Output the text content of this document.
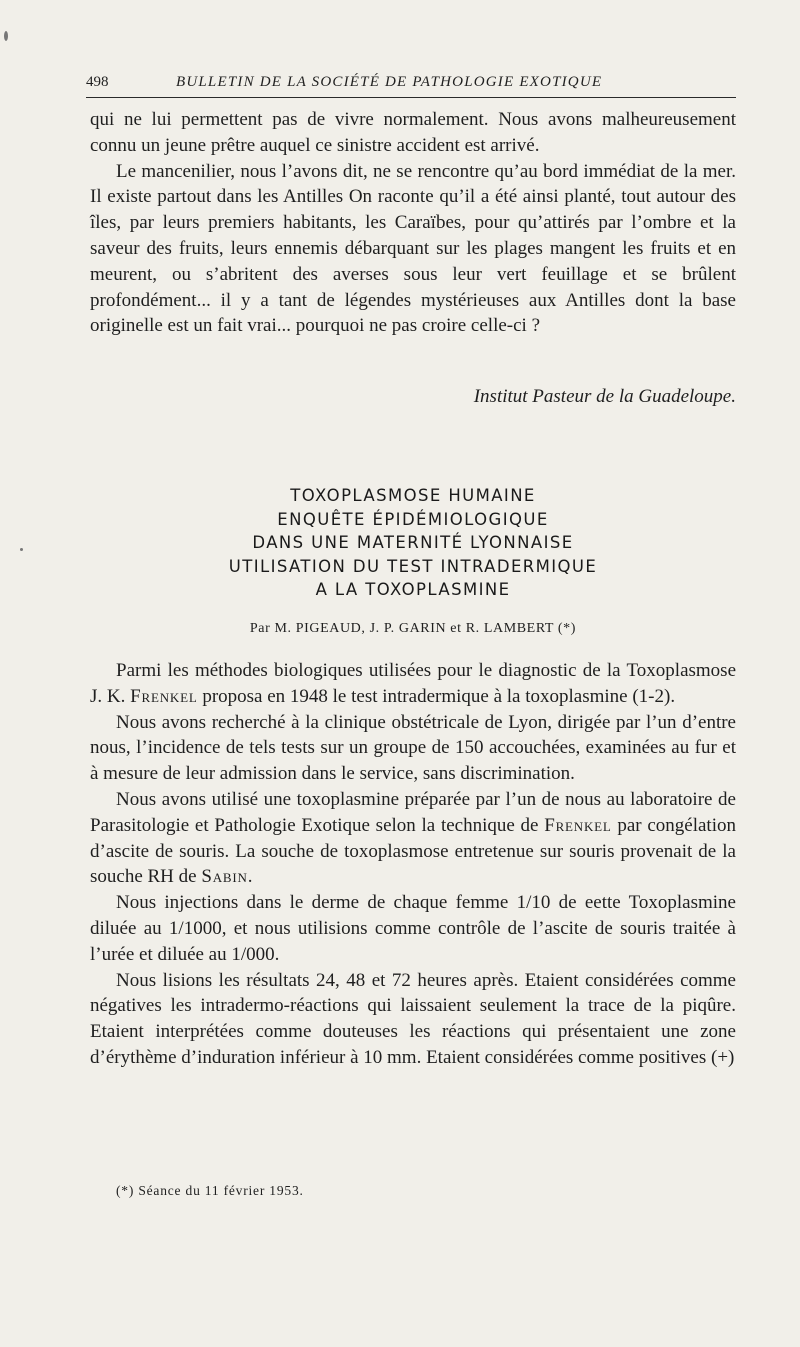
498	BULLETIN DE LA SOCIÉTÉ DE PATHOLOGIE EXOTIQUE

qui ne lui permettent pas de vivre normalement. Nous avons malheureusement connu un jeune prêtre auquel ce sinistre accident est arrivé.

Le mancenilier, nous l’avons dit, ne se rencontre qu’au bord immédiat de la mer. Il existe partout dans les Antilles On raconte qu’il a été ainsi planté, tout autour des îles, par leurs premiers habitants, les Caraïbes, pour qu’attirés par l’ombre et la saveur des fruits, leurs ennemis débarquant sur les plages mangent les fruits et en meurent, ou s’abritent des averses sous leur vert feuillage et se brûlent profondément... il y a tant de légendes mystérieuses aux Antilles dont la base originelle est un fait vrai... pourquoi ne pas croire celle-ci ?

Institut Pasteur de la Guadeloupe.
TOXOPLASMOSE HUMAINE
ENQUÊTE ÉPIDÉMIOLOGIQUE
DANS UNE MATERNITÉ LYONNAISE
UTILISATION DU TEST INTRADERMIQUE
A LA TOXOPLASMINE
Par M. PIGEAUD, J. P. GARIN et R. LAMBERT (*)

Parmi les méthodes biologiques utilisées pour le diagnostic de la Toxoplasmose J. K. Frenkel proposa en 1948 le test intradermique à la toxoplasmine (1-2).

Nous avons recherché à la clinique obstétricale de Lyon, dirigée par l’un d’entre nous, l’incidence de tels tests sur un groupe de 150 accouchées, examinées au fur et à mesure de leur admission dans le service, sans discrimination.

Nous avons utilisé une toxoplasmine préparée par l’un de nous au laboratoire de Parasitologie et Pathologie Exotique selon la technique de Frenkel par congélation d’ascite de souris. La souche de toxoplasmose entretenue sur souris provenait de la souche RH de Sabin.

Nous injections dans le derme de chaque femme 1/10 de eette Toxoplasmine diluée au 1/1000, et nous utilisions comme contrôle de l’ascite de souris traitée à l’urée et diluée au 1/000.

Nous lisions les résultats 24, 48 et 72 heures après. Etaient considérées comme négatives les intradermo-réactions qui laissaient seulement la trace de la piqûre. Etaient interprétées comme douteuses les réactions qui présentaient une zone d’érythème d’induration inférieur à 10 mm. Etaient considérées comme positives (+)

(*) Séance du 11 février 1953.
